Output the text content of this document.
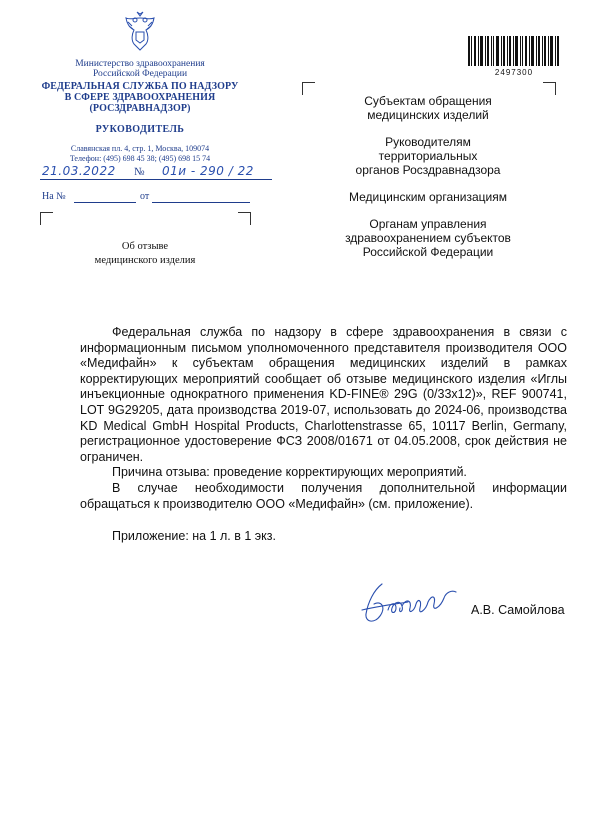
Министерство здравоохранения
Российской Федерации
ФЕДЕРАЛЬНАЯ СЛУЖБА ПО НАДЗОРУ
В СФЕРЕ ЗДРАВООХРАНЕНИЯ
(РОСЗДРАВНАДЗОР)
РУКОВОДИТЕЛЬ
Славянская пл. 4, стр. 1, Москва, 109074
Телефон: (495) 698 45 38; (495) 698 15 74
21.03.2022 № 01и - 290 / 22
На №	от
Об отзыве
медицинского изделия
2497300
Субъектам обращения
медицинских изделий
Руководителям
территориальных
органов Росздравнадзора
Медицинским организациям
Органам управления
здравоохранением субъектов
Российской Федерации

Федеральная служба по надзору в сфере здравоохранения в связи с информационным письмом уполномоченного представителя производителя ООО «Медифайн» к субъектам обращения медицинских изделий в рамках корректирующих мероприятий сообщает об отзыве медицинского изделия «Иглы инъекционные однократного применения KD-FINE® 29G (0/33x12)», REF 900741, LOT 9G29205, дата производства 2019-07, использовать до 2024-06, производства KD Medical GmbH Hospital Products, Charlottenstrasse 65, 10117 Berlin, Germany, регистрационное удостоверение ФСЗ 2008/01671 от 04.05.2008, срок действия не ограничен.

Причина отзыва: проведение корректирующих мероприятий.

В случае необходимости получения дополнительной информации обращаться к производителю ООО «Медифайн» (см. приложение).

Приложение: на 1 л. в 1 экз.

А.В. Самойлова
